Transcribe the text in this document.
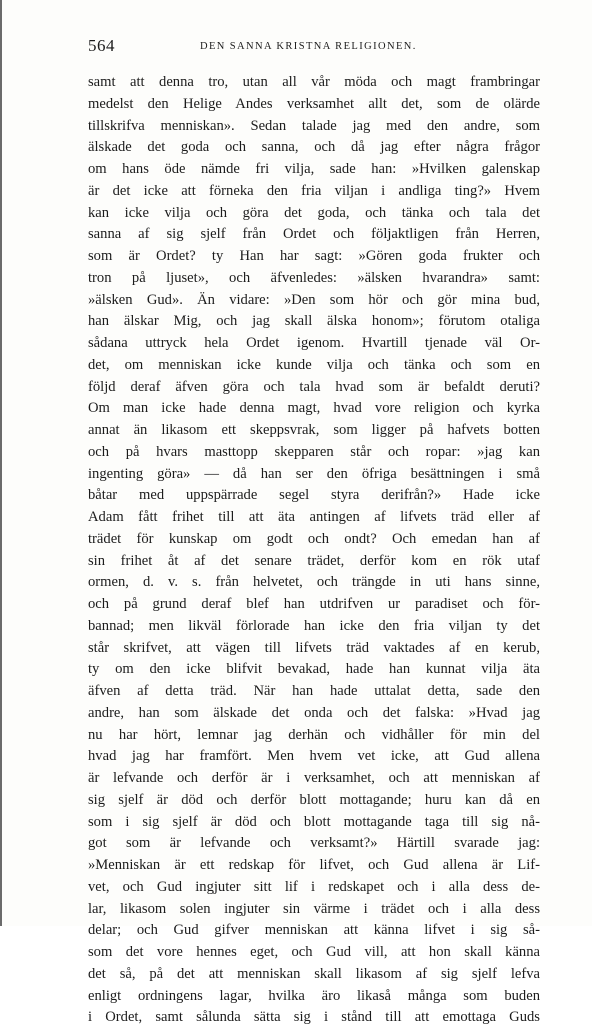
564	DEN SANNA KRISTNA RELIGIONEN.
samt att denna tro, utan all vår möda och magt frambringar
medelst den Helige Andes verksamhet allt det, som de olärde
tillskrifva menniskan». Sedan talade jag med den andre, som
älskade det goda och sanna, och då jag efter några frågor
om hans öde nämde fri vilja, sade han: »Hvilken galenskap
är det icke att förneka den fria viljan i andliga ting?» Hvem
kan icke vilja och göra det goda, och tänka och tala det
sanna af sig sjelf från Ordet och följaktligen från Herren,
som är Ordet? ty Han har sagt: »Gören goda frukter och
tron på ljuset», och äfvenledes: »älsken hvarandra» samt:
»älsken Gud». Än vidare: »Den som hör och gör mina bud,
han älskar Mig, och jag skall älska honom»; förutom otaliga
sådana uttryck hela Ordet igenom. Hvartill tjenade väl Or-
det, om menniskan icke kunde vilja och tänka och som en
följd deraf äfven göra och tala hvad som är befaldt deruti?
Om man icke hade denna magt, hvad vore religion och kyrka
annat än likasom ett skeppsvrak, som ligger på hafvets botten
och på hvars masttopp skepparen står och ropar: »jag kan
ingenting göra» — då han ser den öfriga besättningen i små
båtar med uppspärrade segel styra derifrån?» Hade icke
Adam fått frihet till att äta antingen af lifvets träd eller af
trädet för kunskap om godt och ondt? Och emedan han af
sin frihet åt af det senare trädet, derför kom en rök utaf
ormen, d. v. s. från helvetet, och trängde in uti hans sinne,
och på grund deraf blef han utdrifven ur paradiset och för-
bannad; men likväl förlorade han icke den fria viljan ty det
står skrifvet, att vägen till lifvets träd vaktades af en kerub,
ty om den icke blifvit bevakad, hade han kunnat vilja äta
äfven af detta träd. När han hade uttalat detta, sade den
andre, han som älskade det onda och det falska: »Hvad jag
nu har hört, lemnar jag derhän och vidhåller för min del
hvad jag har framfört. Men hvem vet icke, att Gud allena
är lefvande och derför är i verksamhet, och att menniskan af
sig sjelf är död och derför blott mottagande; huru kan då en
som i sig sjelf är död och blott mottagande taga till sig nå-
got som är lefvande och verksamt?» Härtill svarade jag:
»Menniskan är ett redskap för lifvet, och Gud allena är Lif-
vet, och Gud ingjuter sitt lif i redskapet och i alla dess de-
lar, likasom solen ingjuter sin värme i trädet och i alla dess
delar; och Gud gifver menniskan att känna lifvet i sig så-
som det vore hennes eget, och Gud vill, att hon skall känna
det så, på det att menniskan skall likasom af sig sjelf lefva
enligt ordningens lagar, hvilka äro likaså många som buden
i Ordet, samt sålunda sätta sig i stånd till att emottaga Guds
